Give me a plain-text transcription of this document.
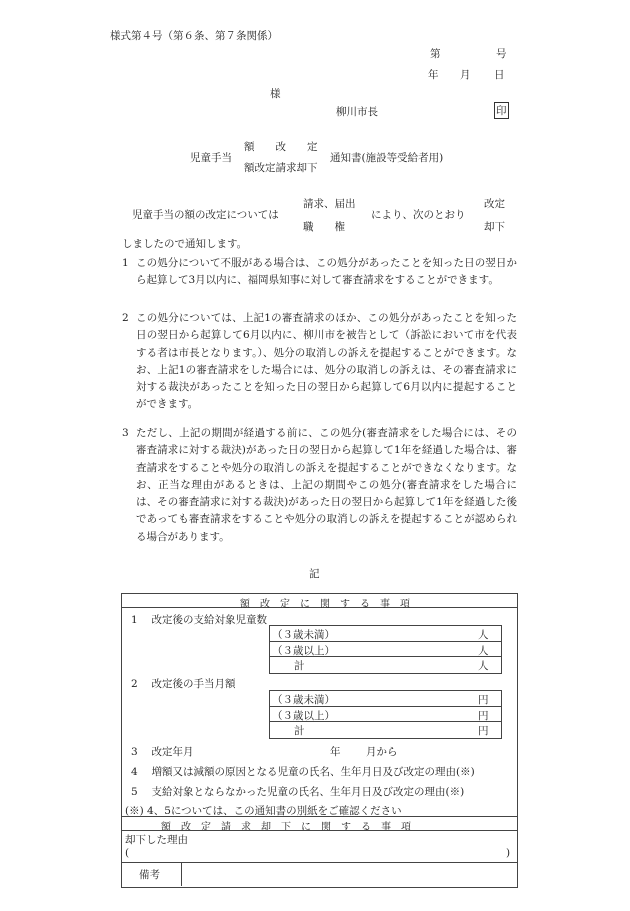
様式第４号（第６条、第７条関係）
第	号
年 月 日
様
柳川市長	印
児童手当
額　　改　　定
額改定請求却下
通知書(施設等受給者用)
児童手当の額の改定については
請求、届出
職　　権
により、次のとおり
改定
却下
しましたので通知します。
1 この処分について不服がある場合は、この処分があったことを知った日の翌日から起算して3月以内に、福岡県知事に対して審査請求をすることができます。
2 この処分については、上記1の審査請求のほか、この処分があったことを知った日の翌日から起算して6月以内に、柳川市を被告として（訴訟において市を代表する者は市長となります。）、処分の取消しの訴えを提起することができます。なお、上記1の審査請求をした場合には、処分の取消しの訴えは、その審査請求に対する裁決があったことを知った日の翌日から起算して6月以内に提起することができます。
3 ただし、上記の期間が経過する前に、この処分(審査請求をした場合には、その審査請求に対する裁決)があった日の翌日から起算して1年を経過した場合は、審査請求をすることや処分の取消しの訴えを提起することができなくなります。なお、正当な理由があるときは、上記の期間やこの処分(審査請求をした場合には、その審査請求に対する裁決)があった日の翌日から起算して1年を経過した後であっても審査請求をすることや処分の取消しの訴えを提起することが認められる場合があります。
記
額　改　定　に　関　す　る　事　項
1　 改定後の支給対象児童数
（３歳未満）	人
（３歳以上）	人
計	人
2　 改定後の手当月額
（３歳未満）	円
（３歳以上）	円
計	円
3　 改定年月	年 月から
4　 増額又は減額の原因となる児童の氏名、生年月日及び改定の理由(※)
5　 支給対象とならなかった児童の氏名、生年月日及び改定の理由(※)
(※) 4、5については、この通知書の別紙をご確認ください
額　改　定　請　求　却　下　に　関　す　る　事　項
却下した理由
(	)
備考
